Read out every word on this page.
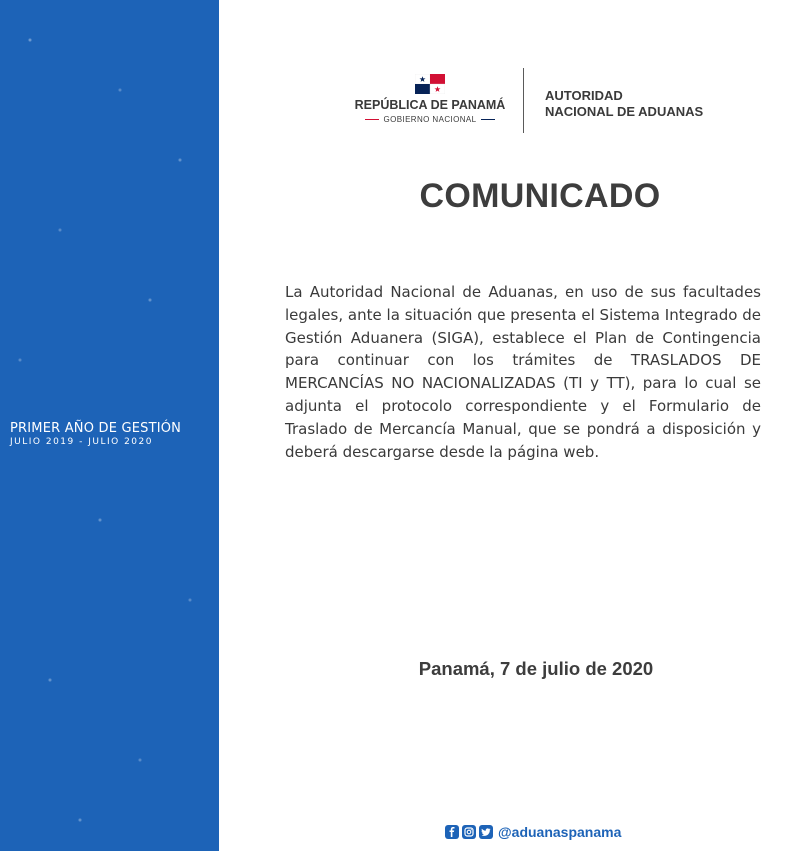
PRIMER AÑO DE GESTIÓN
JULIO 2019 - JULIO 2020
REPÚBLICA DE PANAMÁ
GOBIERNO NACIONAL
AUTORIDAD
NACIONAL DE ADUANAS
COMUNICADO

La Autoridad Nacional de Aduanas, en uso de sus facultades legales, ante la situación que presenta el Sistema Integrado de Gestión Aduanera (SIGA), establece el Plan de Contingencia para continuar con los trámites de TRASLADOS DE MERCANCÍAS NO NACIONALIZADAS (TI y TT), para lo cual se adjunta el protocolo correspondiente y el Formulario de Traslado de Mercancía Manual, que se pondrá a disposición y deberá descargarse desde la página web.

Panamá, 7 de julio de 2020
@aduanaspanama
